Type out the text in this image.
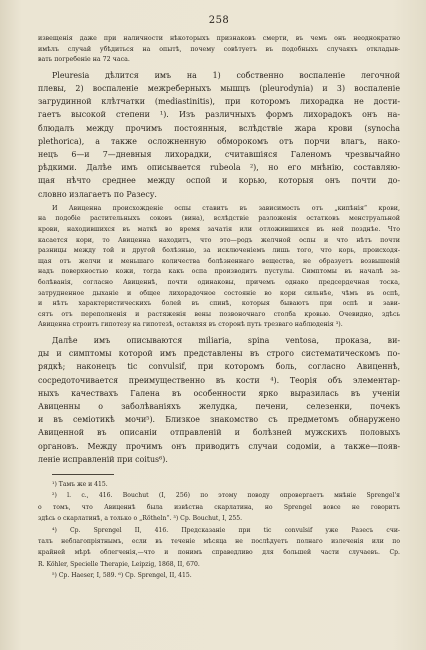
258
извещенія даже при наличности нѣкоторыхъ признаковъ смерти, въ чемъ онъ неоднократно
имѣлъ случай убѣдиться на опытѣ, почему совѣтуетъ въ подобныхъ случаяхъ откладыв-
вать погребеніе на 72 часа.
Pleuresia дѣлится имъ на 1) собственно воспаленіе легочной
плевы, 2) воспаленіе межреберныхъ мышцъ (pleurodynia) и 3) воспаленіе
загрудинной клѣтчатки (mediastinitis), при которомъ лихорадка не дости-
гаетъ высокой степени ¹). Изъ различныхъ формъ лихорадокъ онъ на-
блюдалъ между прочимъ постоянныя, вслѣдствіе жара крови (synocha
plethorica), а также осложненную обморокомъ отъ порчи влагъ, нако-
нецъ 6—и 7—дневныя лихорадки, считавшіяся Галеномъ чрезвычайно
рѣдкими. Далѣе имъ описывается rubeola ²), но его мнѣнію, составляю-
щая нѣчто среднее между оспой и корью, которыя онъ почти до-
словно излагаетъ по Разесу.
И Авиценна происхожденіе оспы ставитъ въ зависимость отъ „кипѣнія“ крови,
на подобіе растительныхъ соковъ (вина), вслѣдствіе разложенія остатковъ менструальной
крови, находившихся въ маткѣ во время зачатія или отложившихся въ ней позднѣе. Что
касается кори, то Авиценна находитъ, что это—родъ желчной оспы и что нѣтъ почти
разницы между той и другой болѣзнью, за исключеніемъ лишь того, что корь, происходя-
щая отъ желчи и меньшаго количества болѣзненнаго вещества, не образуетъ возвышеній
надъ поверхностью кожи, тогда какъ оспа производитъ пустулы. Симптомы въ началѣ за-
болѣванія, согласно Авиценнѣ, почти одинаковы, причемъ однако предсердечная тоска,
затрудненное дыханіе и общее лихорадочное состояніе во кори сильнѣе, чѣмъ въ оспѣ,
и нѣтъ характеристическихъ болей въ спинѣ, которыя бываютъ при оспѣ и зави-
сятъ отъ переполненія и растяженія вены позвоночнаго столба кровью. Очевидно, здѣсь
Авиценна строитъ гипотезу на гипотезѣ, оставляя въ сторонѣ путь трезваго наблюденія ³).
Далѣе имъ описываются miliaria, spina ventosa, проказа, ви-
ды и симптомы которой имъ представлены въ строго систематическомъ по-
рядкѣ; наконецъ tic convulsif, при которомъ боль, согласно Авиценнѣ,
сосредоточивается преимущественно въ кости ⁴). Теорія объ элементар-
ныхъ качествахъ Галена въ особенности ярко выразилась въ ученіи
Авиценны о заболѣваніяхъ желудка, печени, селезенки, почекъ
и въ семіотикѣ мочи⁵). Близкое знакомство съ предметомъ обнаружено
Авиценной въ описаніи отправленій и болѣзней мужскихъ половыхъ
органовъ. Между прочимъ онъ приводитъ случаи содоміи, а также—появ-
леніе исправленій при coitus⁶).
¹) Тамъ же и 415.
²) l. c., 416. Bouchut (I, 256) по этому поводу опровергаетъ мнѣніе Sprengel'я
о томъ, что Авиценнѣ была извѣстна скарлатина, но Sprengel вовсе не говоритъ
здѣсь о скарлатинѣ, а только о „Rötheln“. ³) Cp. Bouchut, I, 255.
⁴) Cp. Sprengel II, 416. Предсказаніе при tic convulsif уже Разесъ счи-
талъ неблагопріятнымъ, если въ теченіе мѣсяца не послѣдуетъ полнаго излеченія или по
крайней мѣрѣ облегченія,—что и понимъ справедливо для большей части случаевъ. Ср.
R. Köhler, Specielle Therapie, Leipzig, 1868, II, 670.
⁵) Ср. Haeser, I, 589. ⁶) Ср. Sprengel, II, 415.
